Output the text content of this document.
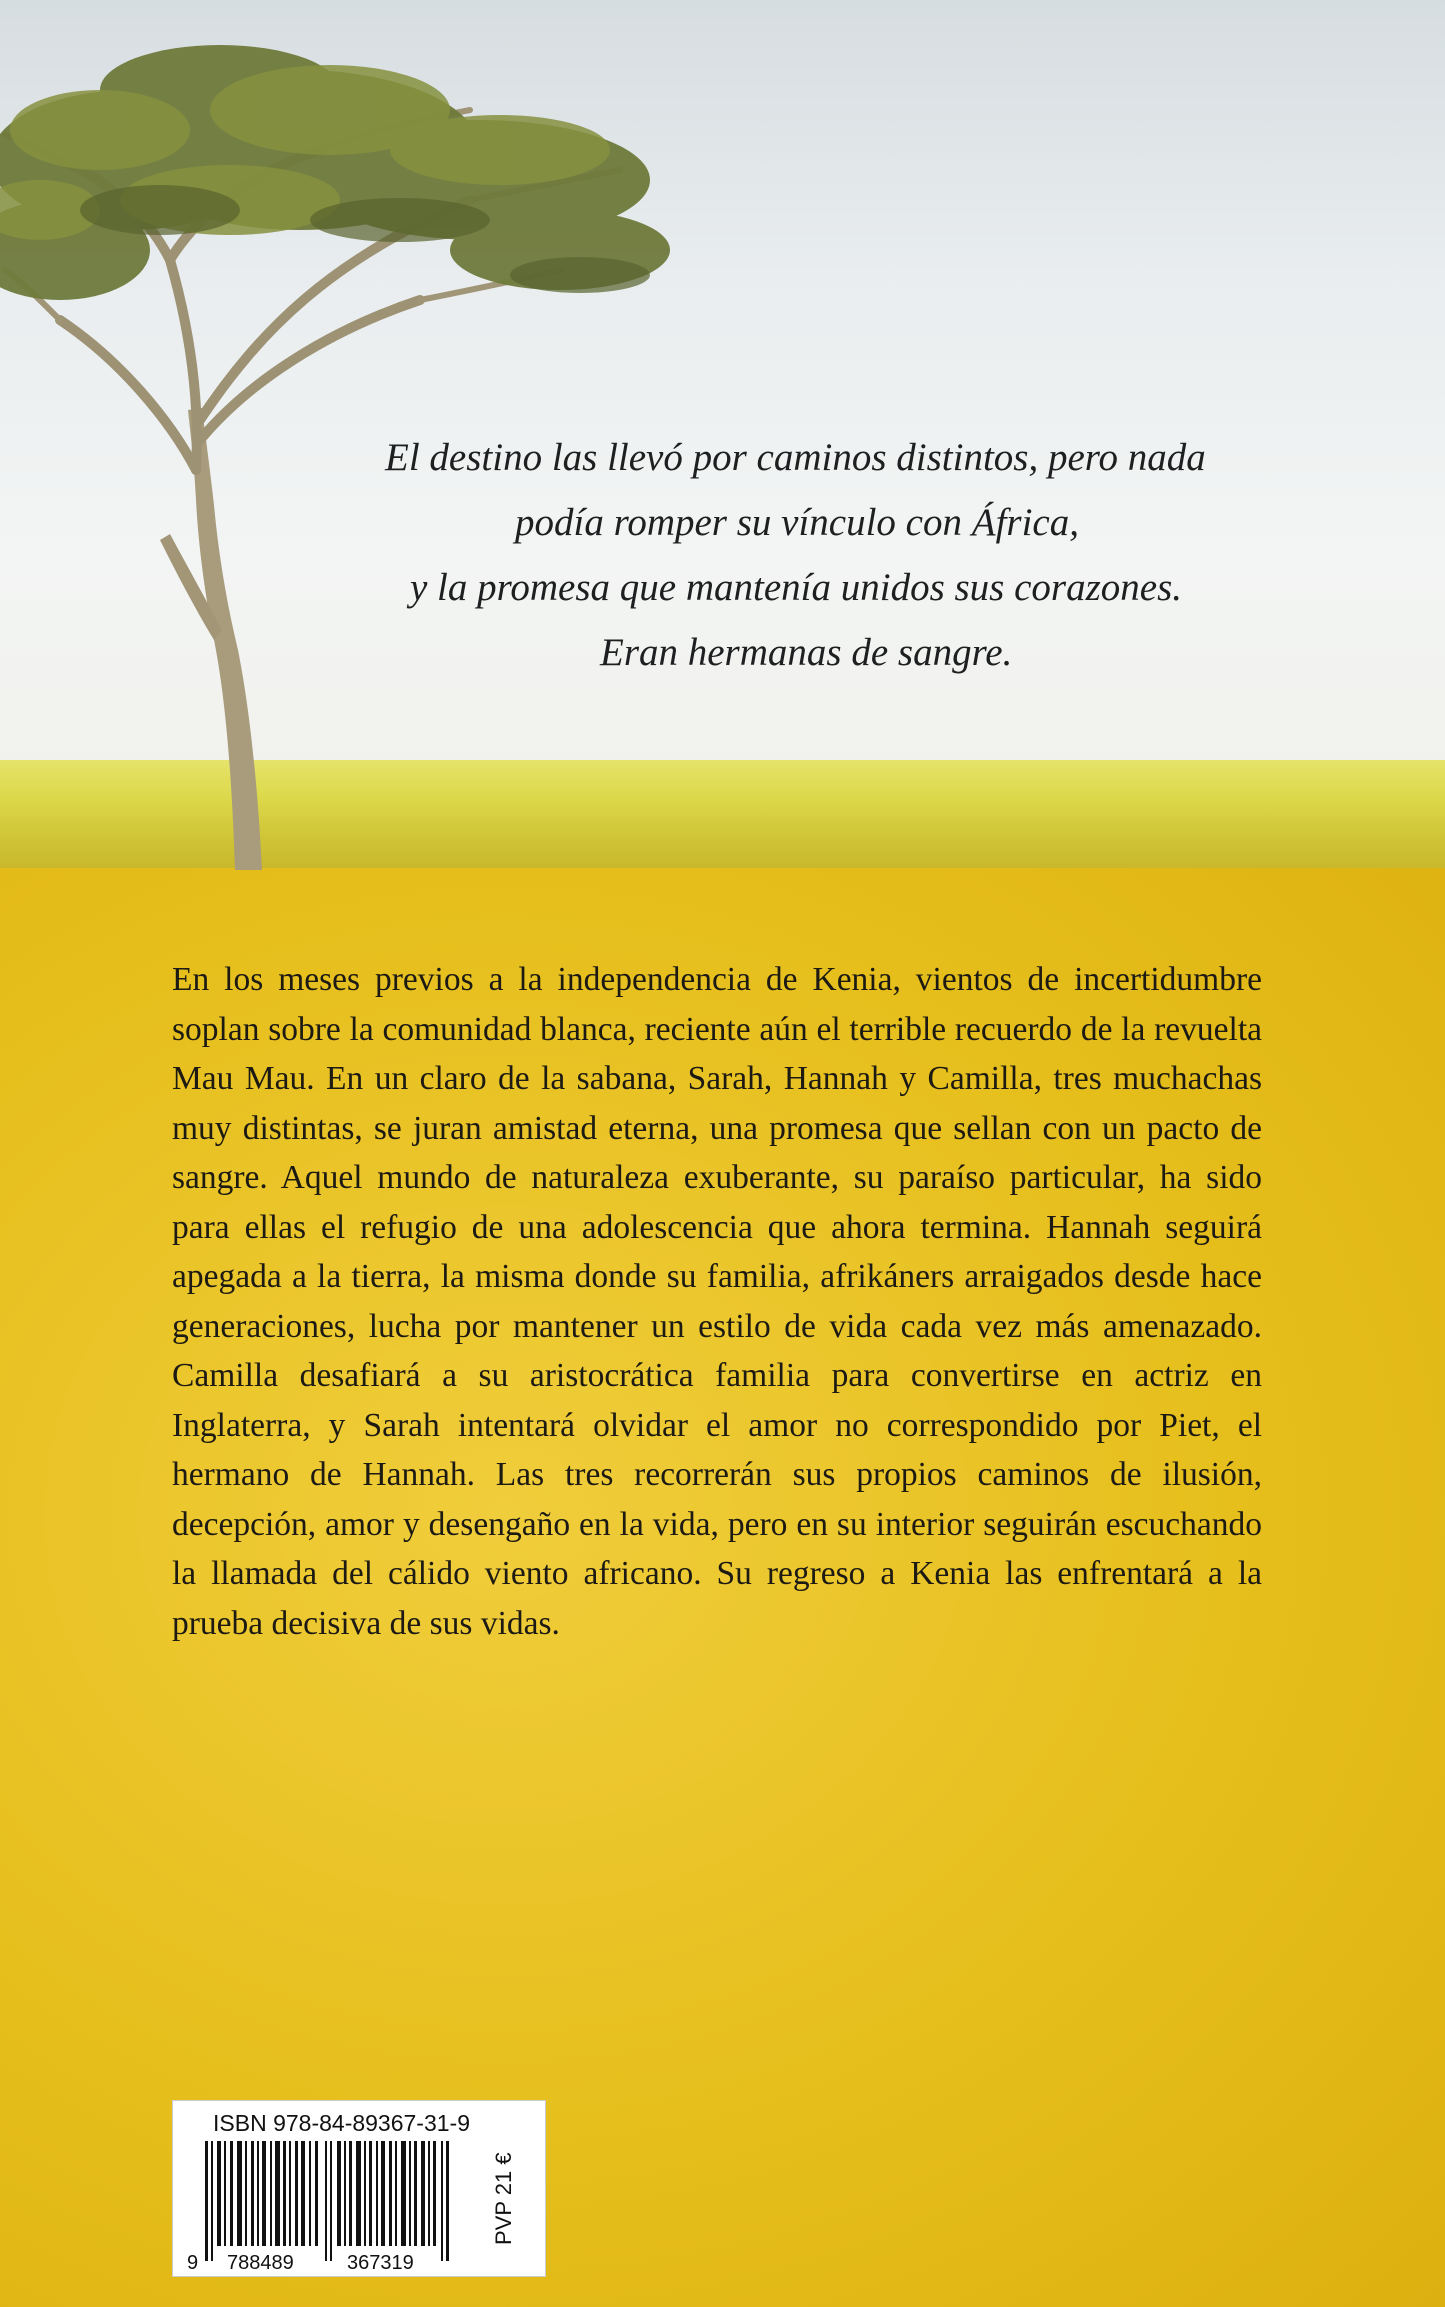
El destino las llevó por caminos distintos, pero nada

podía romper su vínculo con África,

y la promesa que mantenía unidos sus corazones.

Eran hermanas de sangre.

En los meses previos a la independencia de Kenia, vientos de incertidumbre soplan sobre la comunidad blanca, reciente aún el terrible recuerdo de la revuelta Mau Mau. En un claro de la sabana, Sarah, Hannah y Camilla, tres muchachas muy distintas, se juran amistad eterna, una promesa que sellan con un pacto de sangre. Aquel mundo de naturaleza exuberante, su paraíso particular, ha sido para ellas el refugio de una adolescencia que ahora termina. Hannah seguirá apegada a la tierra, la misma donde su familia, afrikáners arraigados desde hace generaciones, lucha por mantener un estilo de vida cada vez más amenazado. Camilla desafiará a su aristocrática familia para convertirse en actriz en Inglaterra, y Sarah intentará olvidar el amor no correspondido por Piet, el hermano de Hannah. Las tres recorrerán sus propios caminos de ilusión, decepción, amor y desengaño en la vida, pero en su interior seguirán escuchando la llamada del cálido viento africano. Su regreso a Kenia las enfrentará a la prueba decisiva de sus vidas.
ISBN 978-84-89367-31-9
9 788489	367319
PVP 21 €
